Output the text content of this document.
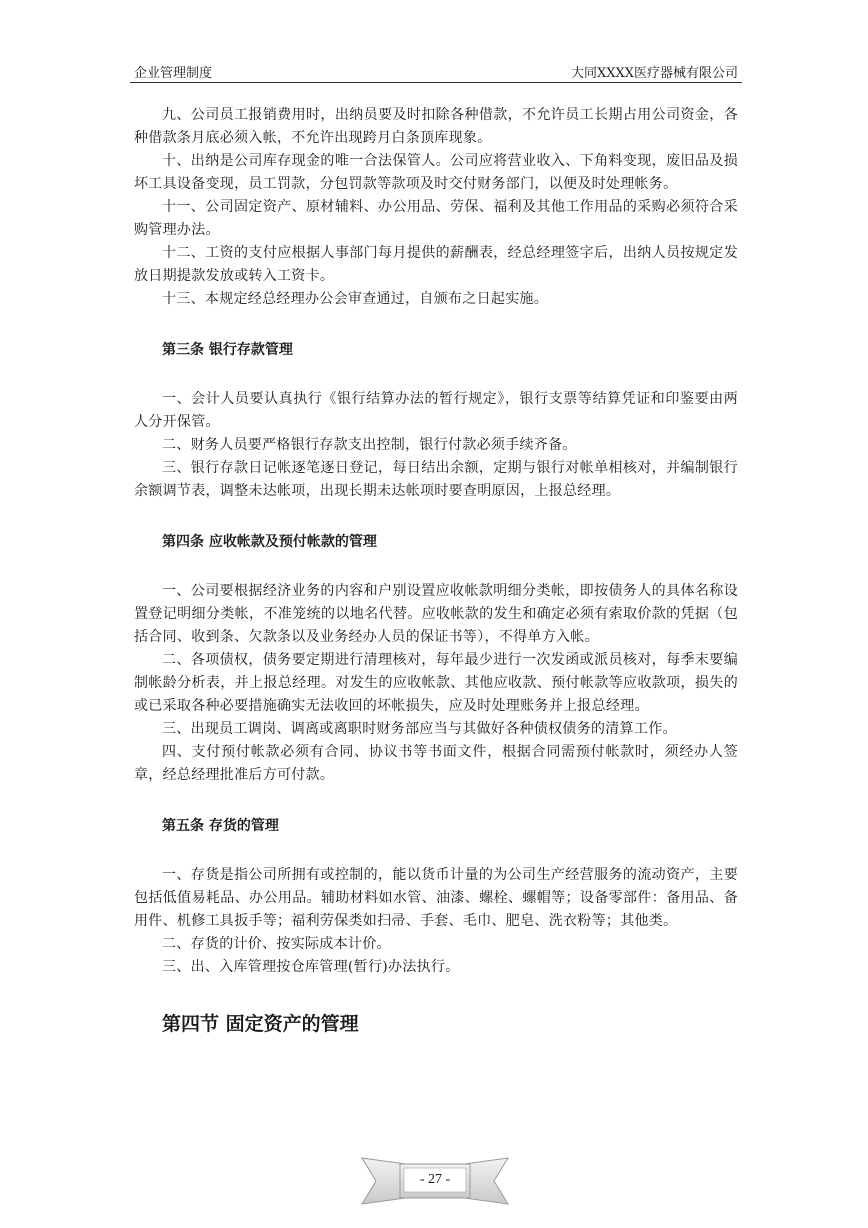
企业管理制度	大同XXXX医疗器械有限公司

九、公司员工报销费用时，出纳员要及时扣除各种借款，不允许员工长期占用公司资金，各种借款条月底必须入帐，不允许出现跨月白条顶库现象。

十、出纳是公司库存现金的唯一合法保管人。公司应将营业收入、下角料变现，废旧品及损坏工具设备变现，员工罚款，分包罚款等款项及时交付财务部门，以便及时处理帐务。

十一、公司固定资产、原材辅料、办公用品、劳保、福利及其他工作用品的采购必须符合采购管理办法。

十二、工资的支付应根据人事部门每月提供的薪酬表，经总经理签字后，出纳人员按规定发放日期提款发放或转入工资卡。

十三、本规定经总经理办公会审查通过，自颁布之日起实施。

第三条 银行存款管理

一、会计人员要认真执行《银行结算办法的暂行规定》，银行支票等结算凭证和印鉴要由两人分开保管。

二、财务人员要严格银行存款支出控制，银行付款必须手续齐备。

三、银行存款日记帐逐笔逐日登记，每日结出余额，定期与银行对帐单相核对，并编制银行余额调节表，调整未达帐项，出现长期未达帐项时要查明原因，上报总经理。

第四条 应收帐款及预付帐款的管理

一、公司要根据经济业务的内容和户别设置应收帐款明细分类帐，即按债务人的具体名称设置登记明细分类帐，不准笼统的以地名代替。应收帐款的发生和确定必须有索取价款的凭据（包括合同、收到条、欠款条以及业务经办人员的保证书等），不得单方入帐。

二、各项债权，债务要定期进行清理核对，每年最少进行一次发函或派员核对，每季末要编制帐龄分析表，并上报总经理。对发生的应收帐款、其他应收款、预付帐款等应收款项，损失的或已采取各种必要措施确实无法收回的坏帐损失，应及时处理账务并上报总经理。

三、出现员工调岗、调离或离职时财务部应当与其做好各种债权债务的清算工作。

四、支付预付帐款必须有合同、协议书等书面文件，根据合同需预付帐款时，须经办人签章，经总经理批准后方可付款。

第五条 存货的管理

一、存货是指公司所拥有或控制的，能以货币计量的为公司生产经营服务的流动资产，主要包括低值易耗品、办公用品。辅助材料如水管、油漆、螺栓、螺帽等；设备零部件：备用品、备用件、机修工具扳手等；福利劳保类如扫帚、手套、毛巾、肥皂、洗衣粉等；其他类。

二、存货的计价、按实际成本计价。

三、出、入库管理按仓库管理(暂行)办法执行。

第四节 固定资产的管理
- 27 -
